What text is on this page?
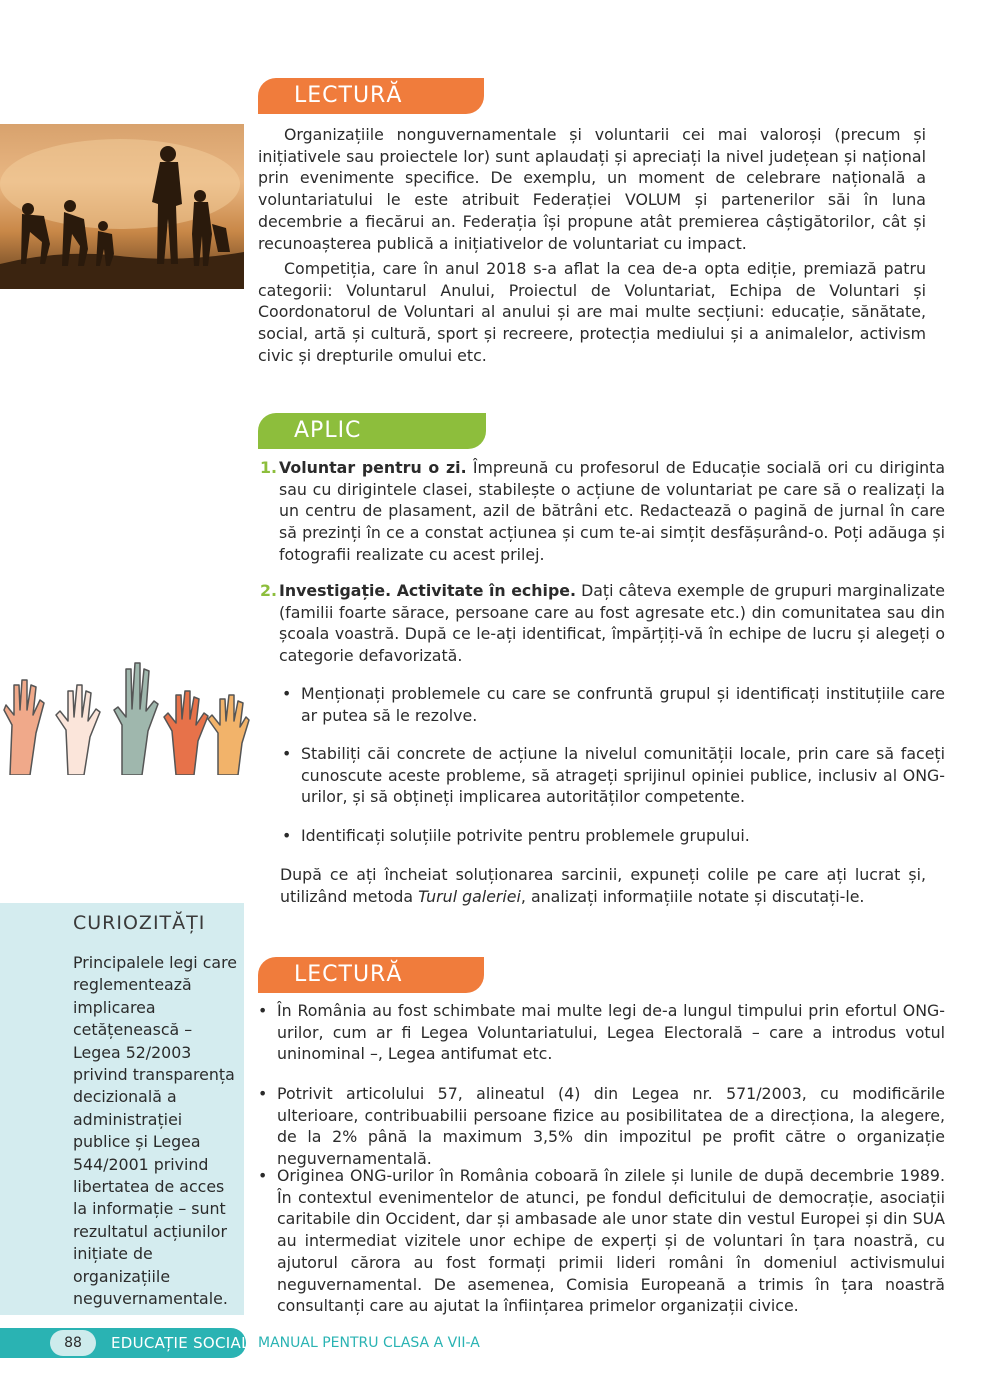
LECTURĂ

Organizațiile nonguvernamentale și voluntarii cei mai valoroși (precum și inițiativele sau proiectele lor) sunt aplaudați și apreciați la nivel județean și național prin evenimente specifice. De exemplu, un moment de celebrare națională a voluntariatului le este atribuit Federației VOLUM și partenerilor săi în luna decembrie a fiecărui an. Federația își propune atât premierea câștigătorilor, cât și recunoașterea publică a inițiativelor de voluntariat cu impact.

Competiția, care în anul 2018 s-a aflat la cea de-a opta ediție, premiază patru categorii: Voluntarul Anului, Proiectul de Voluntariat, Echipa de Voluntari și Coordonatorul de Voluntari al anului și are mai multe secțiuni: educație, sănătate, social, artă și cultură, sport și recreere, protecția mediului și a animalelor, activism civic și drepturile omului etc.

APLIC
1. Voluntar pentru o zi. Împreună cu profesorul de Educație socială ori cu diriginta sau cu dirigintele clasei, stabilește o acțiune de voluntariat pe care să o realizați la un centru de plasament, azil de bătrâni etc. Redactează o pagină de jurnal în care să prezinți în ce a constat acțiunea și cum te-ai simțit desfășurând-o. Poți adăuga și fotografii realizate cu acest prilej.
2. Investigație. Activitate în echipe. Dați câteva exemple de grupuri marginalizate (familii foarte sărace, persoane care au fost agresate etc.) din comunitatea sau din școala voastră. După ce le-ați identificat, împărțiți-vă în echipe de lucru și alegeți o categorie defavorizată.
• Menționați problemele cu care se confruntă grupul și identificați instituțiile care ar putea să le rezolve.
• Stabiliți căi concrete de acțiune la nivelul comunității locale, prin care să faceți cunoscute aceste probleme, să atrageți sprijinul opiniei publice, inclusiv al ONG-urilor, și să obțineți implicarea autorităților competente.
• Identificați soluțiile potrivite pentru problemele grupului.

După ce ați încheiat soluționarea sarcinii, expuneți colile pe care ați lucrat și, utilizând metoda Turul galeriei, analizați informațiile notate și discutați-le.

CURIOZITĂȚI
Principalele legi care reglementează implicarea cetățenească – Legea 52/2003 privind transparența decizională a administrației publice și Legea 544/2001 privind libertatea de acces la informație – sunt rezultatul acțiunilor inițiate de organizațiile neguvernamentale.
LECTURĂ
• În România au fost schimbate mai multe legi de-a lungul timpului prin efortul ONG-urilor, cum ar fi Legea Voluntariatului, Legea Electorală – care a introdus votul uninominal –, Legea antifumat etc.
• Potrivit articolului 57, alineatul (4) din Legea nr. 571/2003, cu modificările ulterioare, contribuabilii persoane fizice au posibilitatea de a direcționa, la alegere, de la 2% până la maximum 3,5% din impozitul pe profit către o organizație neguvernamentală.
• Originea ONG-urilor în România coboară în zilele și lunile de după decembrie 1989. În contextul evenimentelor de atunci, pe fondul deficitului de democrație, asociații caritabile din Occident, dar și ambasade ale unor state din vestul Europei și din SUA au intermediat vizitele unor echipe de experți și de voluntari în țara noastră, cu ajutorul cărora au fost formați primii lideri români în domeniul activismului neguvernamental. De asemenea, Comisia Europeană a trimis în țara noastră consultanți care au ajutat la înființarea primelor organizații civice.
88	EDUCAȚIE SOCIALĂ
MANUAL PENTRU CLASA A VII-A
